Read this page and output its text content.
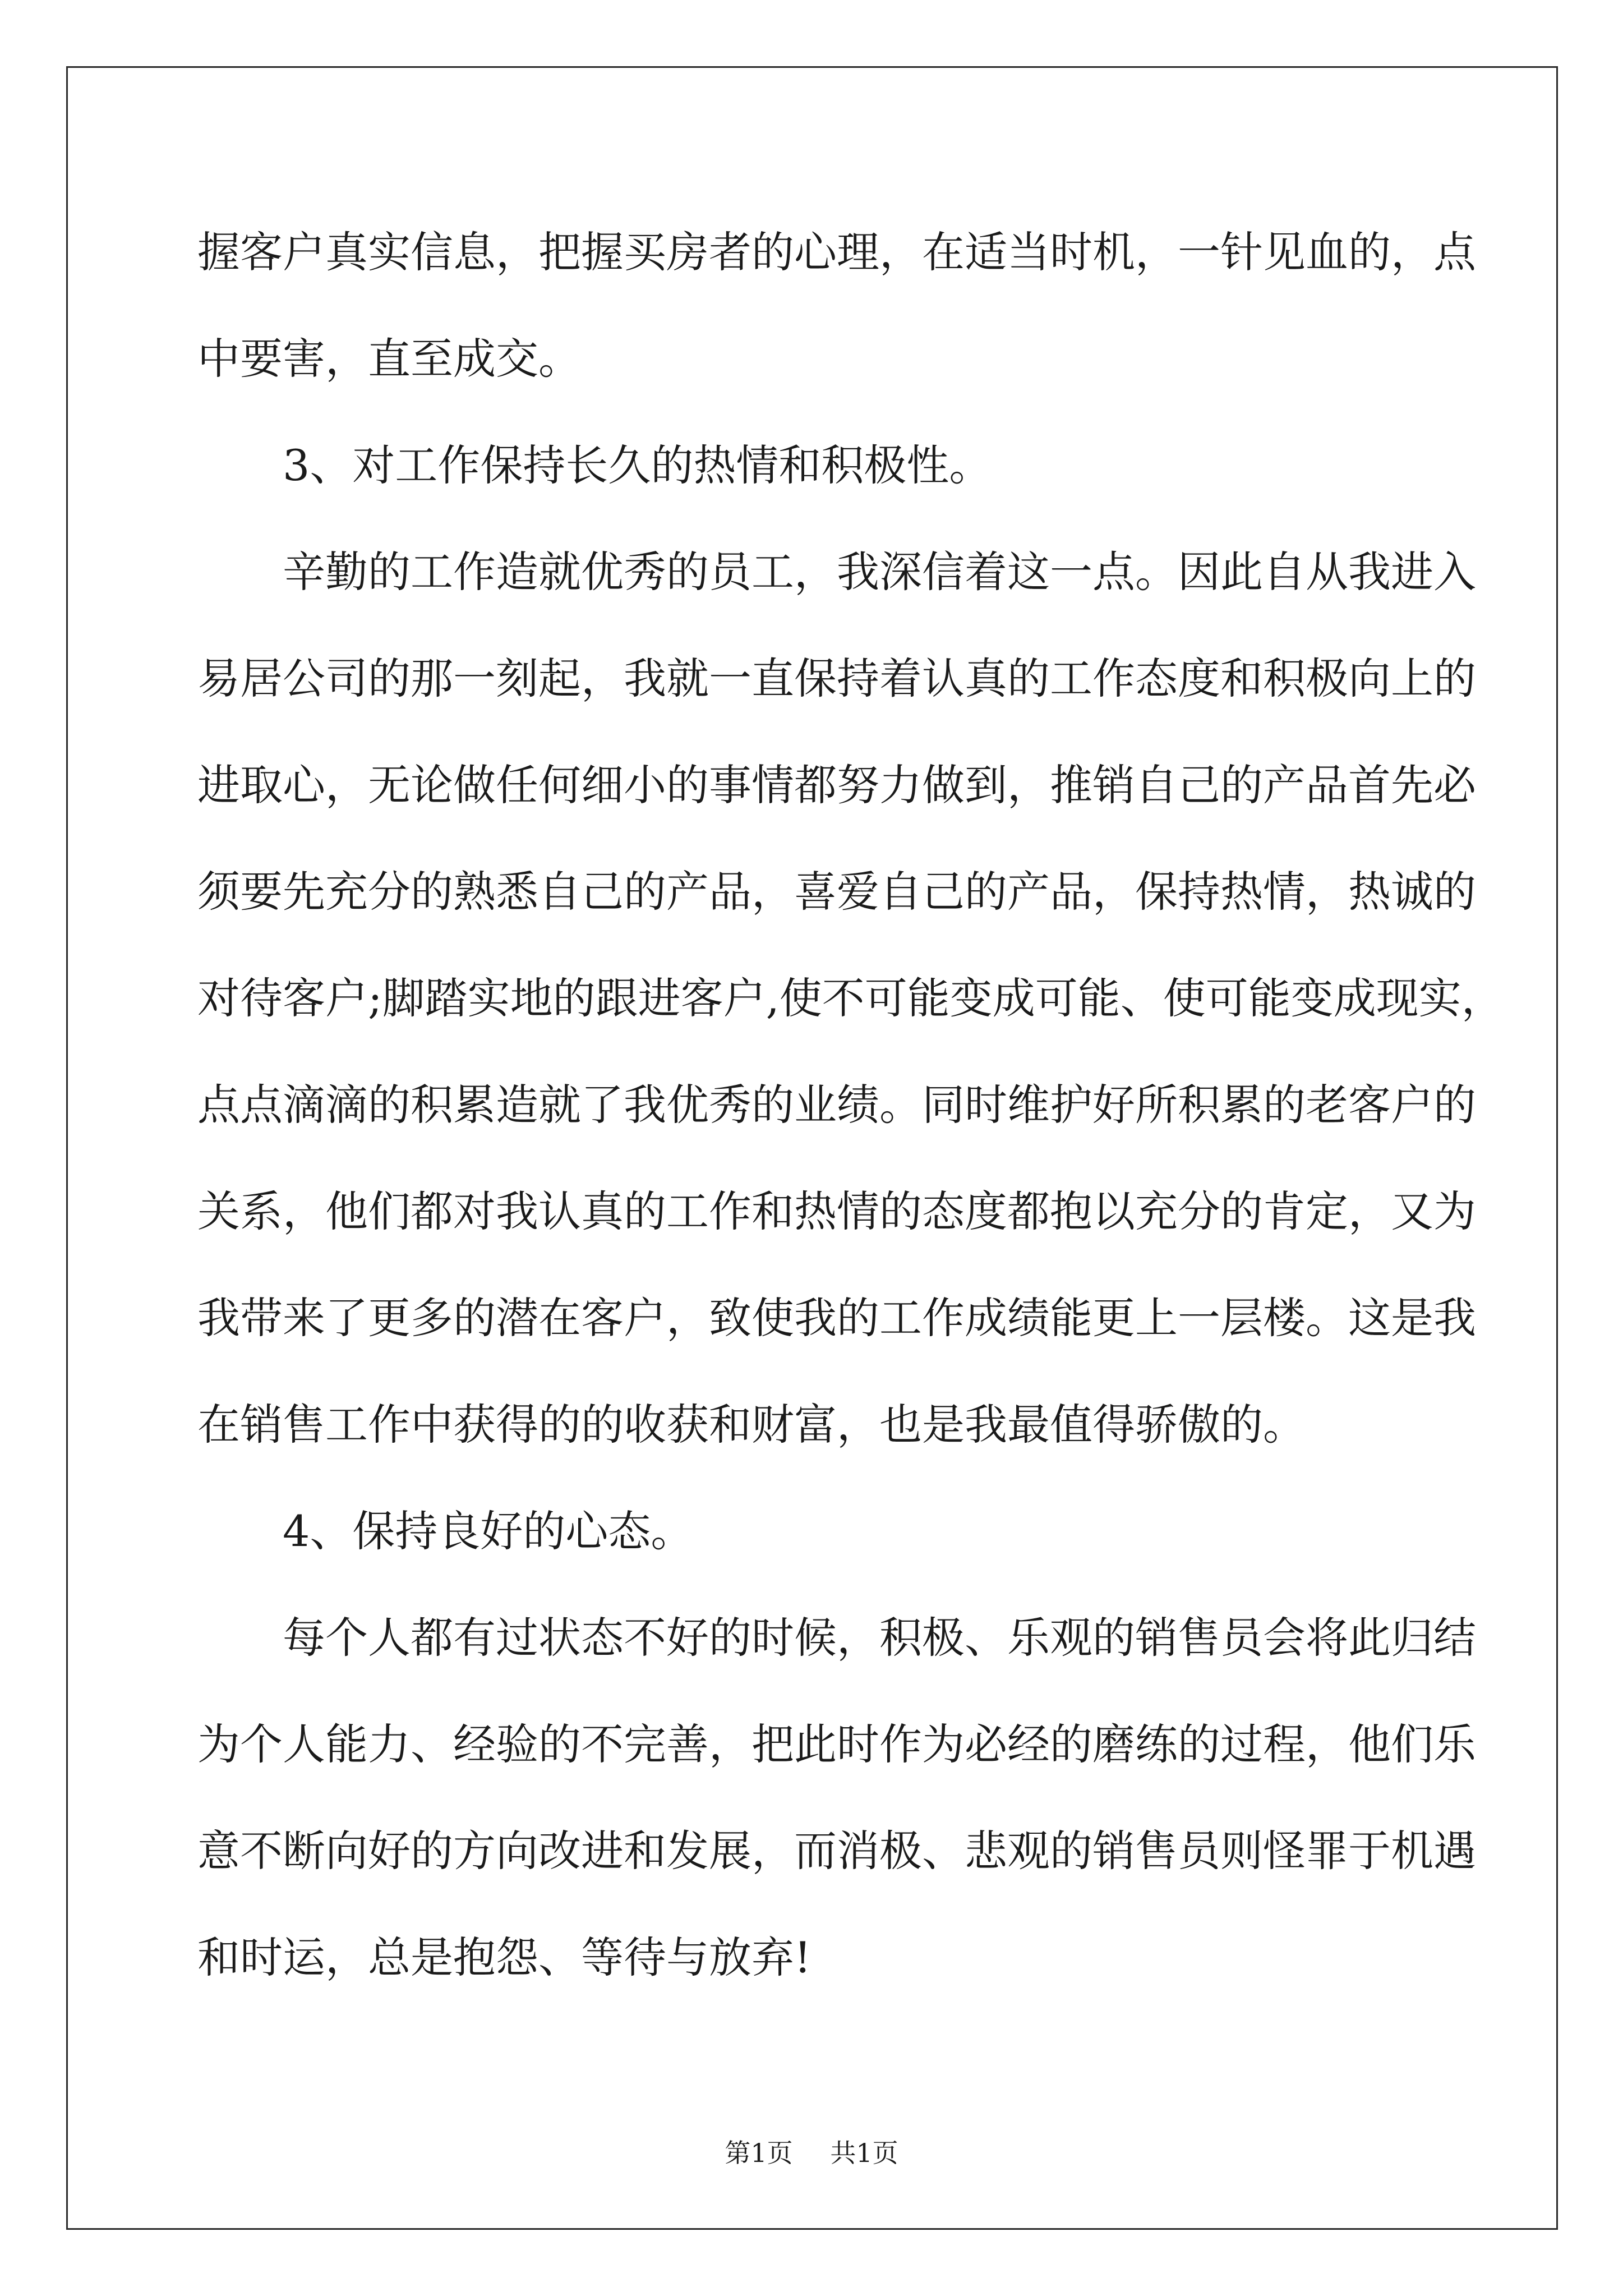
握客户真实信息，把握买房者的心理，在适当时机，一针见血的，点
中要害，直至成交。
3、对工作保持长久的热情和积极性。
辛勤的工作造就优秀的员工，我深信着这一点。因此自从我进入
易居公司的那一刻起，我就一直保持着认真的工作态度和积极向上的
进取心，无论做任何细小的事情都努力做到，推销自己的产品首先必
须要先充分的熟悉自己的产品，喜爱自己的产品，保持热情，热诚的
对待客户;脚踏实地的跟进客户,使不可能变成可能、使可能变成现实，
点点滴滴的积累造就了我优秀的业绩。同时维护好所积累的老客户的
关系，他们都对我认真的工作和热情的态度都抱以充分的肯定，又为
我带来了更多的潜在客户，致使我的工作成绩能更上一层楼。这是我
在销售工作中获得的的收获和财富，也是我最值得骄傲的。
4、保持良好的心态。
每个人都有过状态不好的时候，积极、乐观的销售员会将此归结
为个人能力、经验的不完善，把此时作为必经的磨练的过程，他们乐
意不断向好的方向改进和发展，而消极、悲观的销售员则怪罪于机遇
和时运，总是抱怨、等待与放弃!
第1页 共1页
